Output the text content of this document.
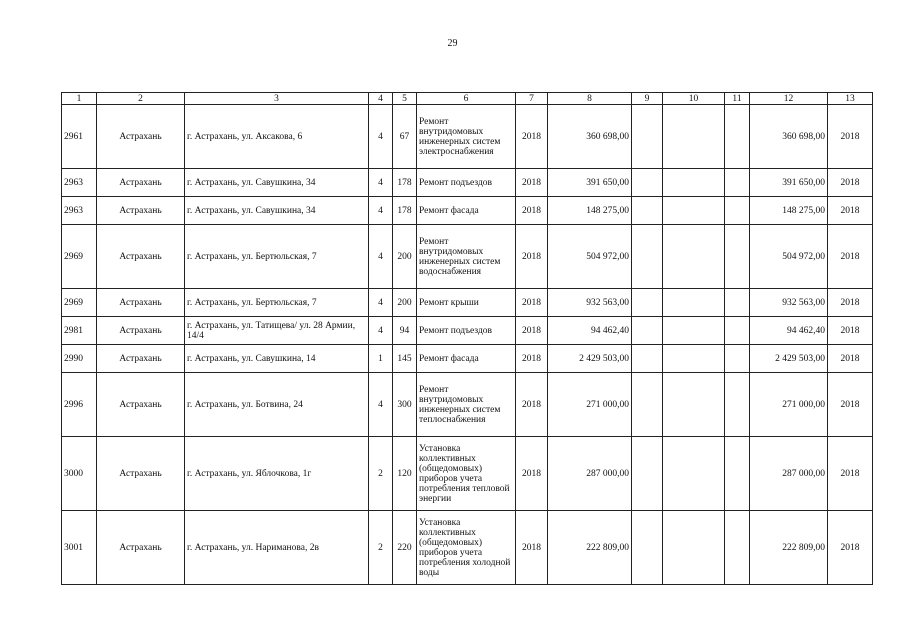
29
1	2	3	4	5	6	7	8	9	10	11	12	13
2961	Астрахань	г. Астрахань, ул. Аксакова, 6	4	67	Ремонт внутридомовых инженерных систем электроснабжения	2018	360 698,00				360 698,00	2018
2963	Астрахань	г. Астрахань, ул. Савушкина, 34	4	178	Ремонт подъездов	2018	391 650,00				391 650,00	2018
2963	Астрахань	г. Астрахань, ул. Савушкина, 34	4	178	Ремонт фасада	2018	148 275,00				148 275,00	2018
2969	Астрахань	г. Астрахань, ул. Бертюльская, 7	4	200	Ремонт внутридомовых инженерных систем водоснабжения	2018	504 972,00				504 972,00	2018
2969	Астрахань	г. Астрахань, ул. Бертюльская, 7	4	200	Ремонт крыши	2018	932 563,00				932 563,00	2018
2981	Астрахань	г. Астрахань, ул. Татищева/ ул. 28 Армии, 14/4	4	94	Ремонт подъездов	2018	94 462,40				94 462,40	2018
2990	Астрахань	г. Астрахань, ул. Савушкина, 14	1	145	Ремонт фасада	2018	2 429 503,00				2 429 503,00	2018
2996	Астрахань	г. Астрахань, ул. Ботвина, 24	4	300	Ремонт внутридомовых инженерных систем теплоснабжения	2018	271 000,00				271 000,00	2018
3000	Астрахань	г. Астрахань, ул. Яблочкова, 1г	2	120	Установка коллективных (общедомовых) приборов учета потребления тепловой энергии	2018	287 000,00				287 000,00	2018
3001	Астрахань	г. Астрахань, ул. Нариманова, 2в	2	220	Установка коллективных (общедомовых) приборов учета потребления холодной воды	2018	222 809,00				222 809,00	2018
